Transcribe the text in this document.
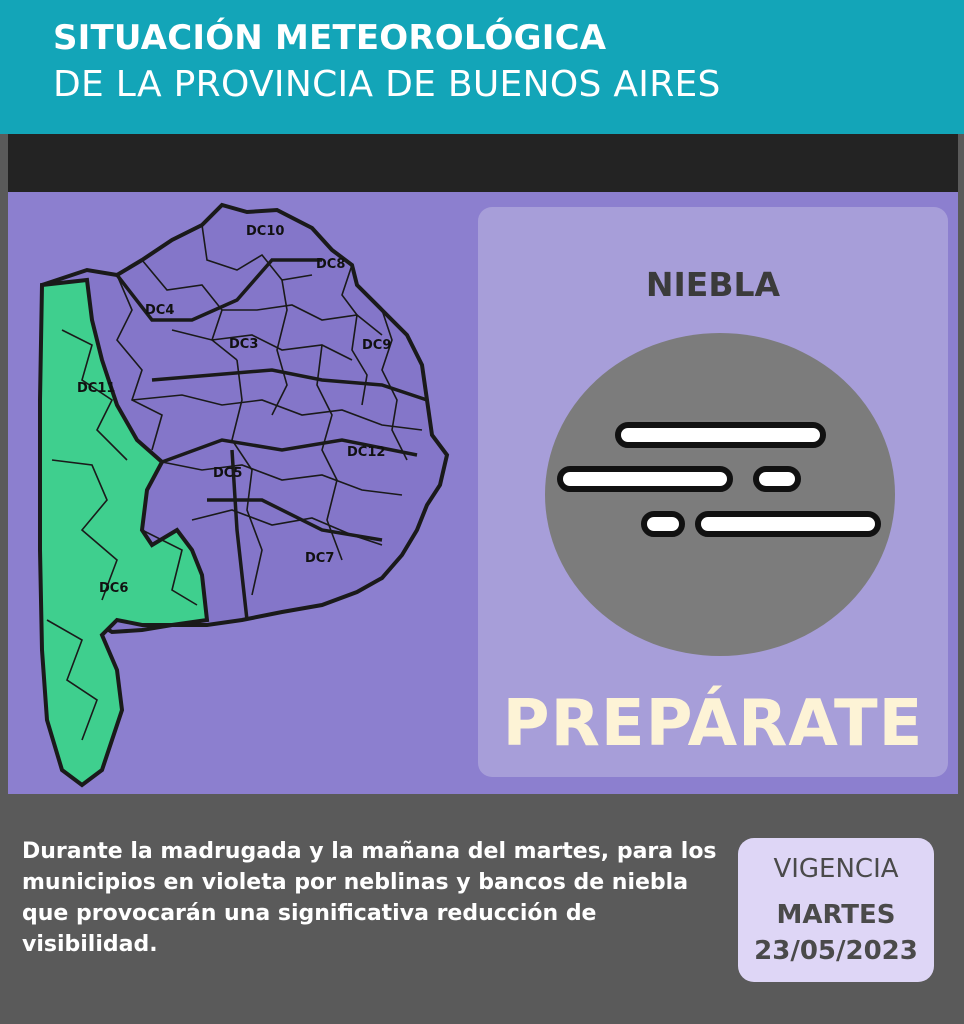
SITUACIÓN METEOROLÓGICA
DE LA PROVINCIA DE BUENOS AIRES
DC10
DC8
DC4
DC3	DC9
DC11
DC12
DC5
DC7
DC6
NIEBLA
PREPÁRATE
Durante la madrugada y la mañana del martes, para los municipios en violeta por neblinas y bancos de niebla que provocarán una significativa reducción de visibilidad.
VIGENCIA
MARTES
23/05/2023
